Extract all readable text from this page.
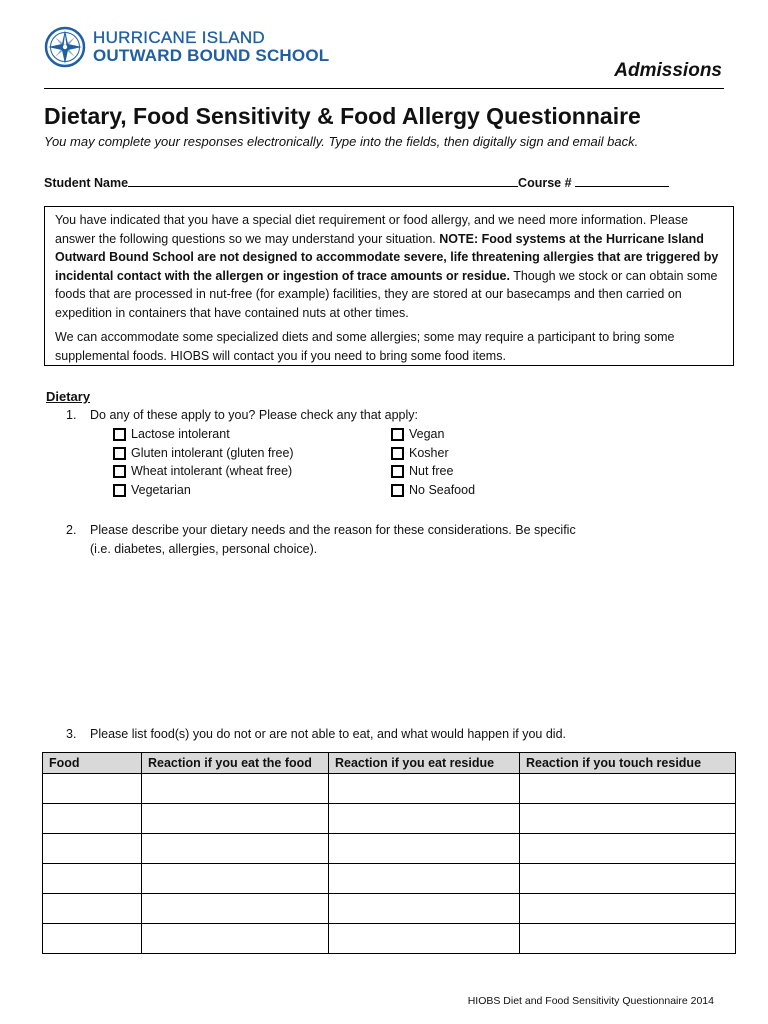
HURRICANE ISLAND
OUTWARD BOUND SCHOOL
Admissions
Dietary, Food Sensitivity & Food Allergy Questionnaire
You may complete your responses electronically. Type into the fields, then digitally sign and email back.
Student Name	Course #

You have indicated that you have a special diet requirement or food allergy, and we need more information. Please answer the following questions so we may understand your situation. NOTE: Food systems at the Hurricane Island Outward Bound School are not designed to accommodate severe, life threatening allergies that are triggered by incidental contact with the allergen or ingestion of trace amounts or residue. Though we stock or can obtain some foods that are processed in nut-free (for example) facilities, they are stored at our basecamps and then carried on expedition in containers that have contained nuts at other times.

We can accommodate some specialized diets and some allergies; some may require a participant to bring some supplemental foods. HIOBS will contact you if you need to bring some food items.

Dietary
1. Do any of these apply to you? Please check any that apply:
Lactose intolerant
Gluten intolerant (gluten free)
Wheat intolerant (wheat free)
Vegetarian
Vegan
Kosher
Nut free
No Seafood
2. Please describe your dietary needs and the reason for these considerations. Be specific
(i.e. diabetes, allergies, personal choice).
3. Please list food(s) you do not or are not able to eat, and what would happen if you did.
Food	Reaction if you eat the food	Reaction if you eat residue	Reaction if you touch residue

HIOBS Diet and Food Sensitivity Questionnaire 2014
